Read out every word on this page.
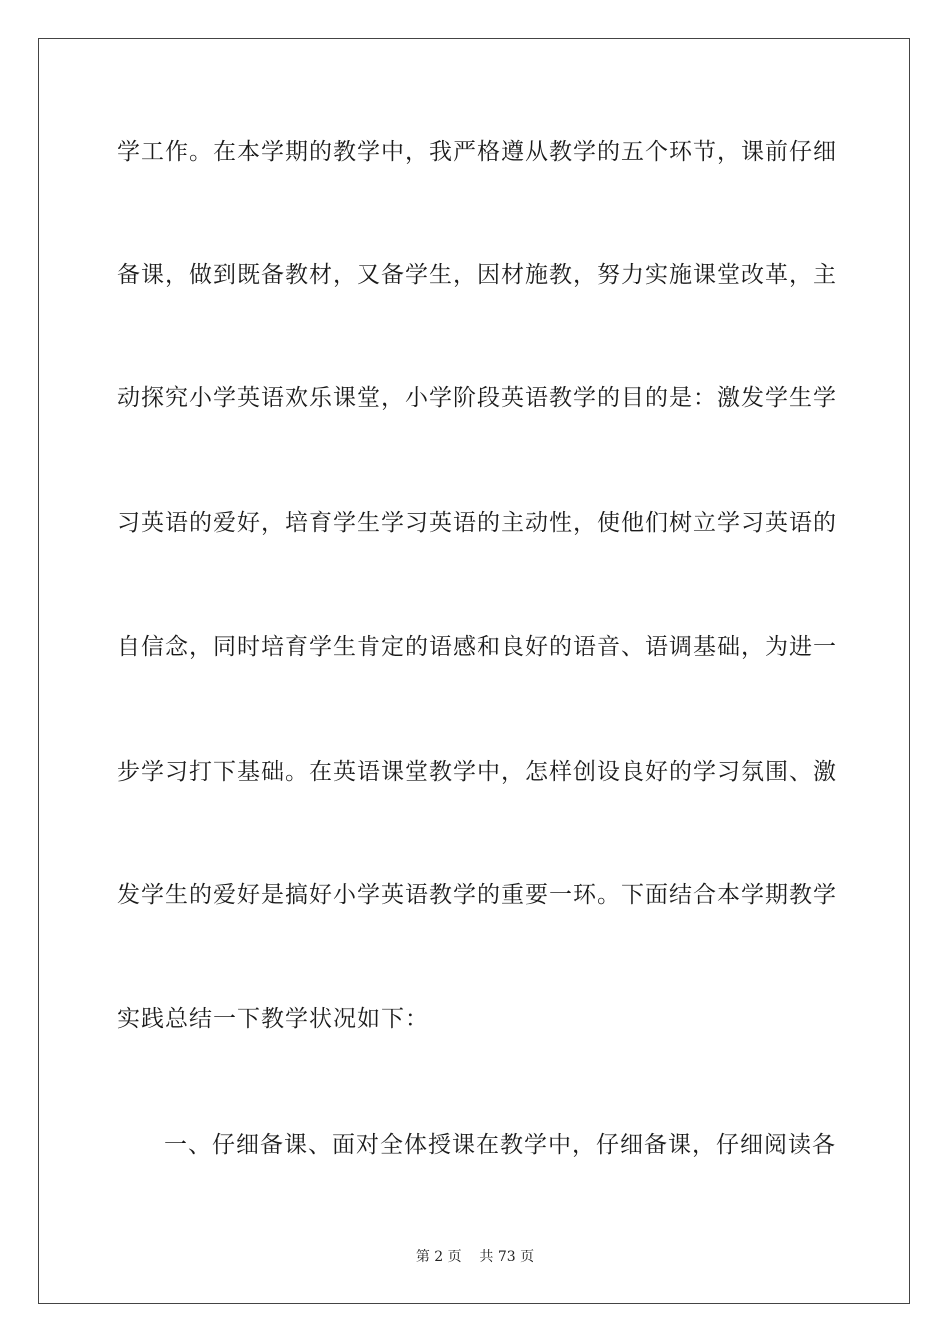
学工作。在本学期的教学中，我严格遵从教学的五个环节，课前仔细
备课，做到既备教材，又备学生，因材施教，努力实施课堂改革，主
动探究小学英语欢乐课堂，小学阶段英语教学的目的是：激发学生学
习英语的爱好，培育学生学习英语的主动性，使他们树立学习英语的
自信念，同时培育学生肯定的语感和良好的语音、语调基础，为进一
步学习打下基础。在英语课堂教学中，怎样创设良好的学习氛围、激
发学生的爱好是搞好小学英语教学的重要一环。下面结合本学期教学
实践总结一下教学状况如下：
一、仔细备课、面对全体授课在教学中，仔细备课，仔细阅读各
第 2 页    共 73 页
